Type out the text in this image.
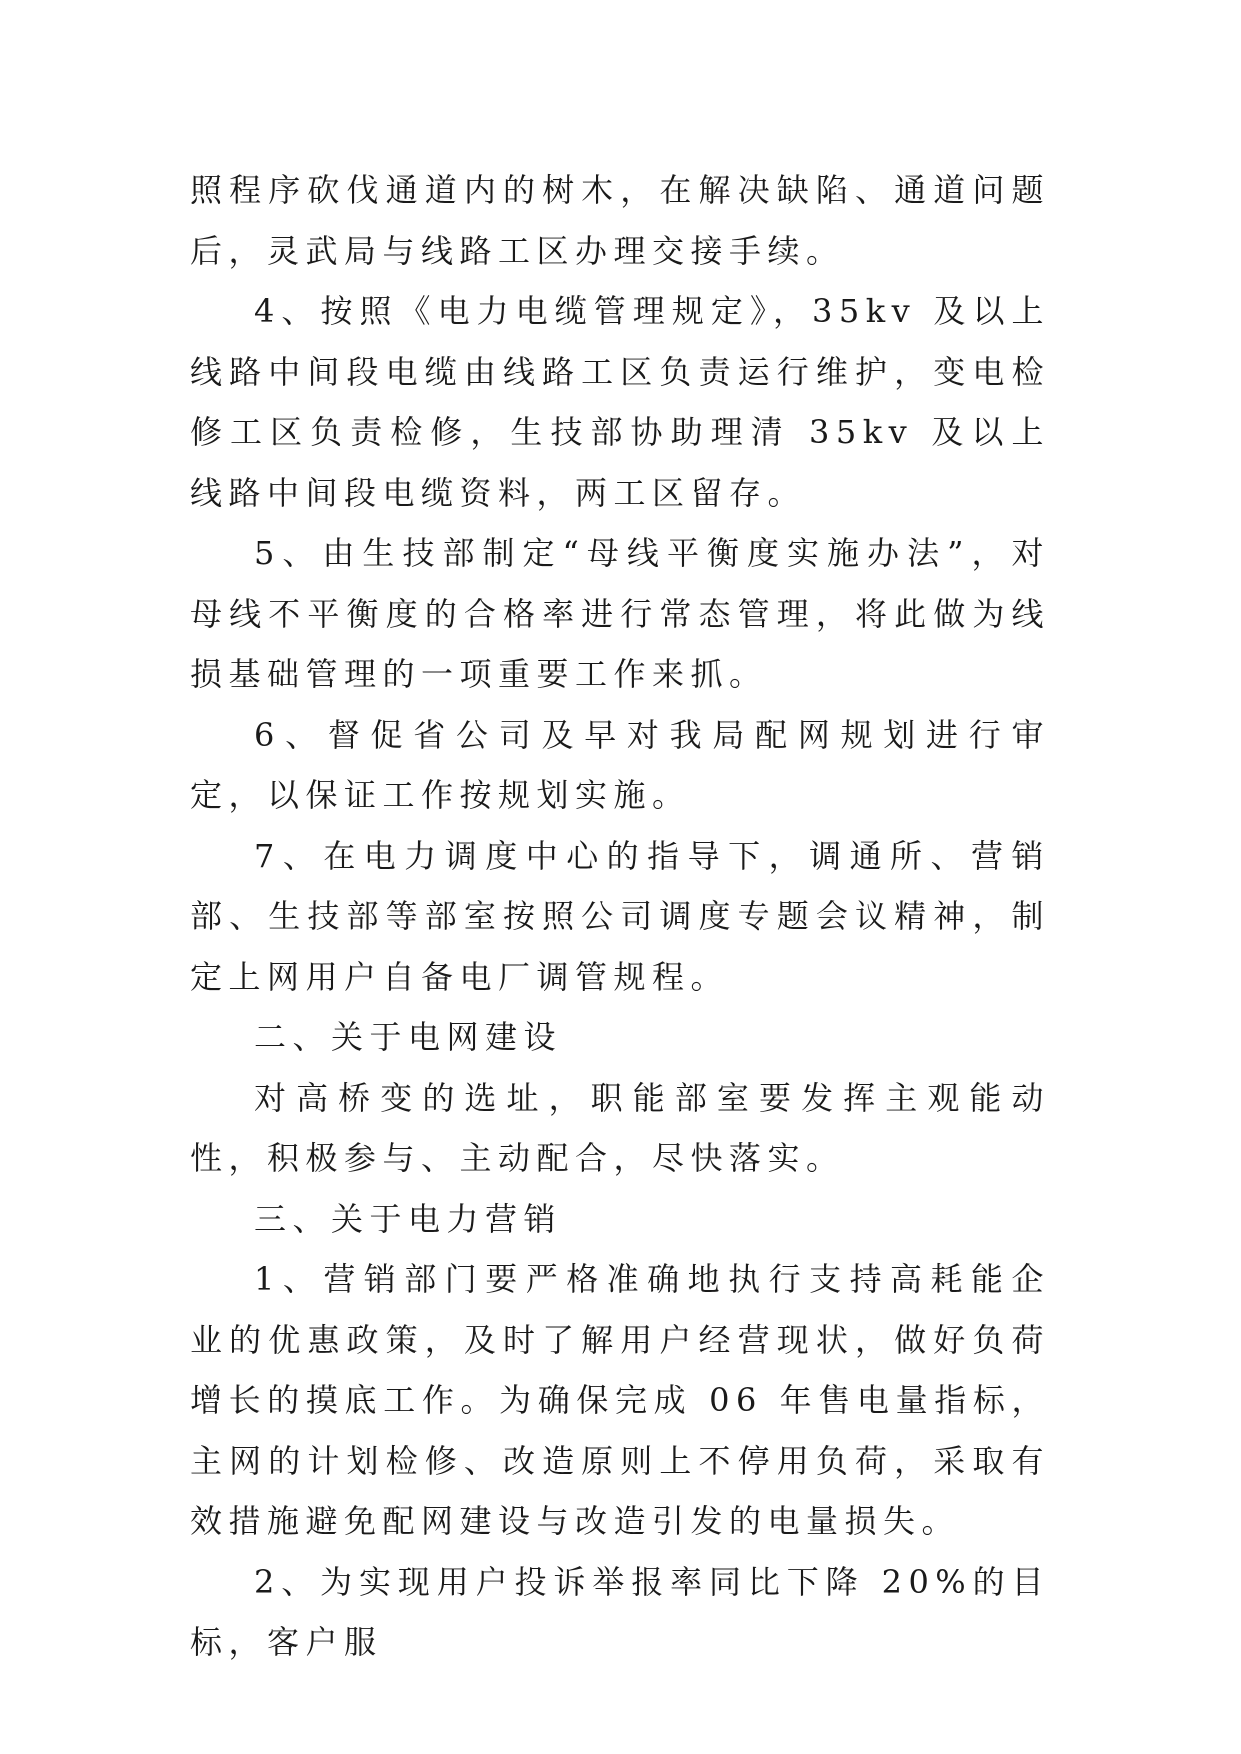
照程序砍伐通道内的树木，在解决缺陷、通道问题后，灵武局与线路工区办理交接手续。

4、按照《电力电缆管理规定》，35kv 及以上线路中间段电缆由线路工区负责运行维护，变电检修工区负责检修，生技部协助理清 35kv 及以上线路中间段电缆资料，两工区留存。

5、由生技部制定“母线平衡度实施办法”，对母线不平衡度的合格率进行常态管理，将此做为线损基础管理的一项重要工作来抓。

6、督促省公司及早对我局配网规划进行审定，以保证工作按规划实施。

7、在电力调度中心的指导下，调通所、营销部、生技部等部室按照公司调度专题会议精神，制定上网用户自备电厂调管规程。

二、关于电网建设

对高桥变的选址，职能部室要发挥主观能动性，积极参与、主动配合，尽快落实。

三、关于电力营销

1、营销部门要严格准确地执行支持高耗能企业的优惠政策，及时了解用户经营现状，做好负荷增长的摸底工作。为确保完成 06 年售电量指标，主网的计划检修、改造原则上不停用负荷，采取有效措施避免配网建设与改造引发的电量损失。

2、为实现用户投诉举报率同比下降 20%的目标，客户服
